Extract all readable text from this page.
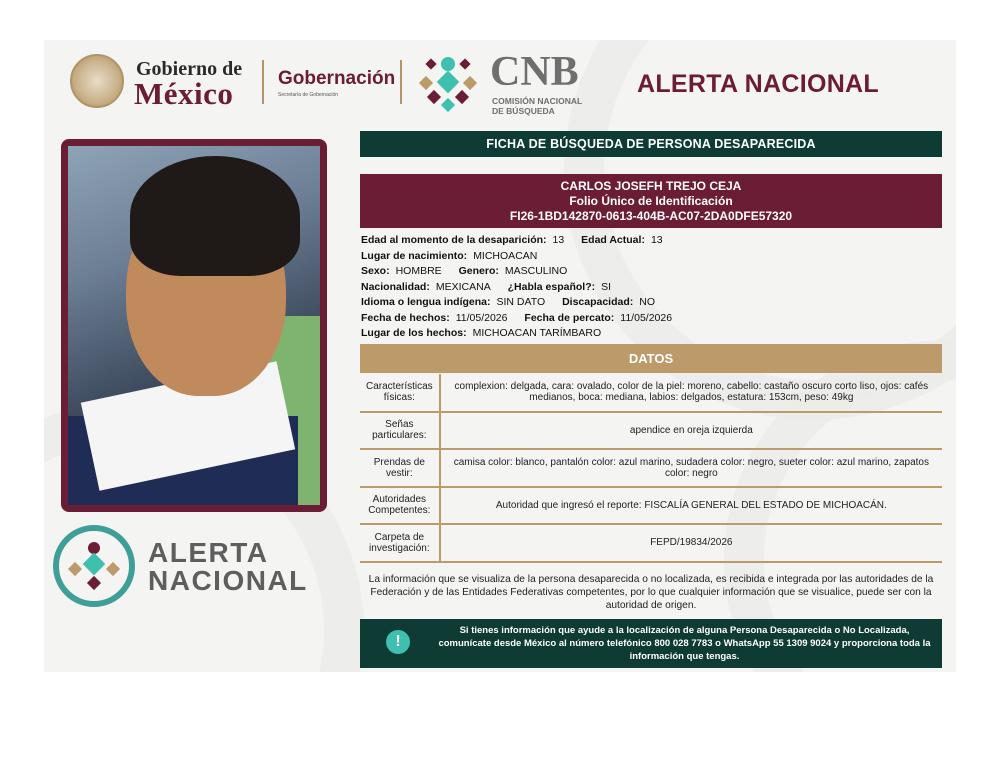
Gobierno de
México Gobernación
Secretaría de Gobernación	CNB
COMISIÓN NACIONAL
DE BÚSQUEDA
ALERTA NACIONAL
ALERTA
NACIONAL
FICHA DE BÚSQUEDA DE PERSONA DESAPARECIDA
CARLOS JOSEFH TREJO CEJA
Folio Único de Identificación
FI26-1BD142870-0613-404B-AC07-2DA0DFE57320
Edad al momento de la desaparición: 13 Edad Actual: 13
Lugar de nacimiento: MICHOACAN
Sexo: HOMBRE Genero: MASCULINO
Nacionalidad: MEXICANA ¿Habla español?: SI
Idioma o lengua indígena: SIN DATO Discapacidad: NO
Fecha de hechos: 11/05/2026 Fecha de percato: 11/05/2026
Lugar de los hechos: MICHOACAN TARÍMBARO
DATOS
Características físicas:	complexion: delgada, cara: ovalado, color de la piel: moreno, cabello: castaño oscuro corto liso, ojos: cafés medianos, boca: mediana, labios: delgados, estatura: 153cm, peso: 49kg
Señas particulares:	apendice en oreja izquierda
Prendas de vestir:	camisa color: blanco, pantalón color: azul marino, sudadera color: negro, sueter color: azul marino, zapatos color: negro
Autoridades Competentes:	Autoridad que ingresó el reporte: FISCALÍA GENERAL DEL ESTADO DE MICHOACÁN.
Carpeta de investigación:	FEPD/19834/2026
La información que se visualiza de la persona desaparecida o no localizada, es recibida e integrada por las autoridades de la Federación y de las Entidades Federativas competentes, por lo que cualquier información que se visualice, puede ser con la autoridad de origen.
!
Si tienes información que ayude a la localización de alguna Persona Desaparecida o No Localizada, comunícate desde México al número telefónico 800 028 7783 o WhatsApp 55 1309 9024 y proporciona toda la información que tengas.
